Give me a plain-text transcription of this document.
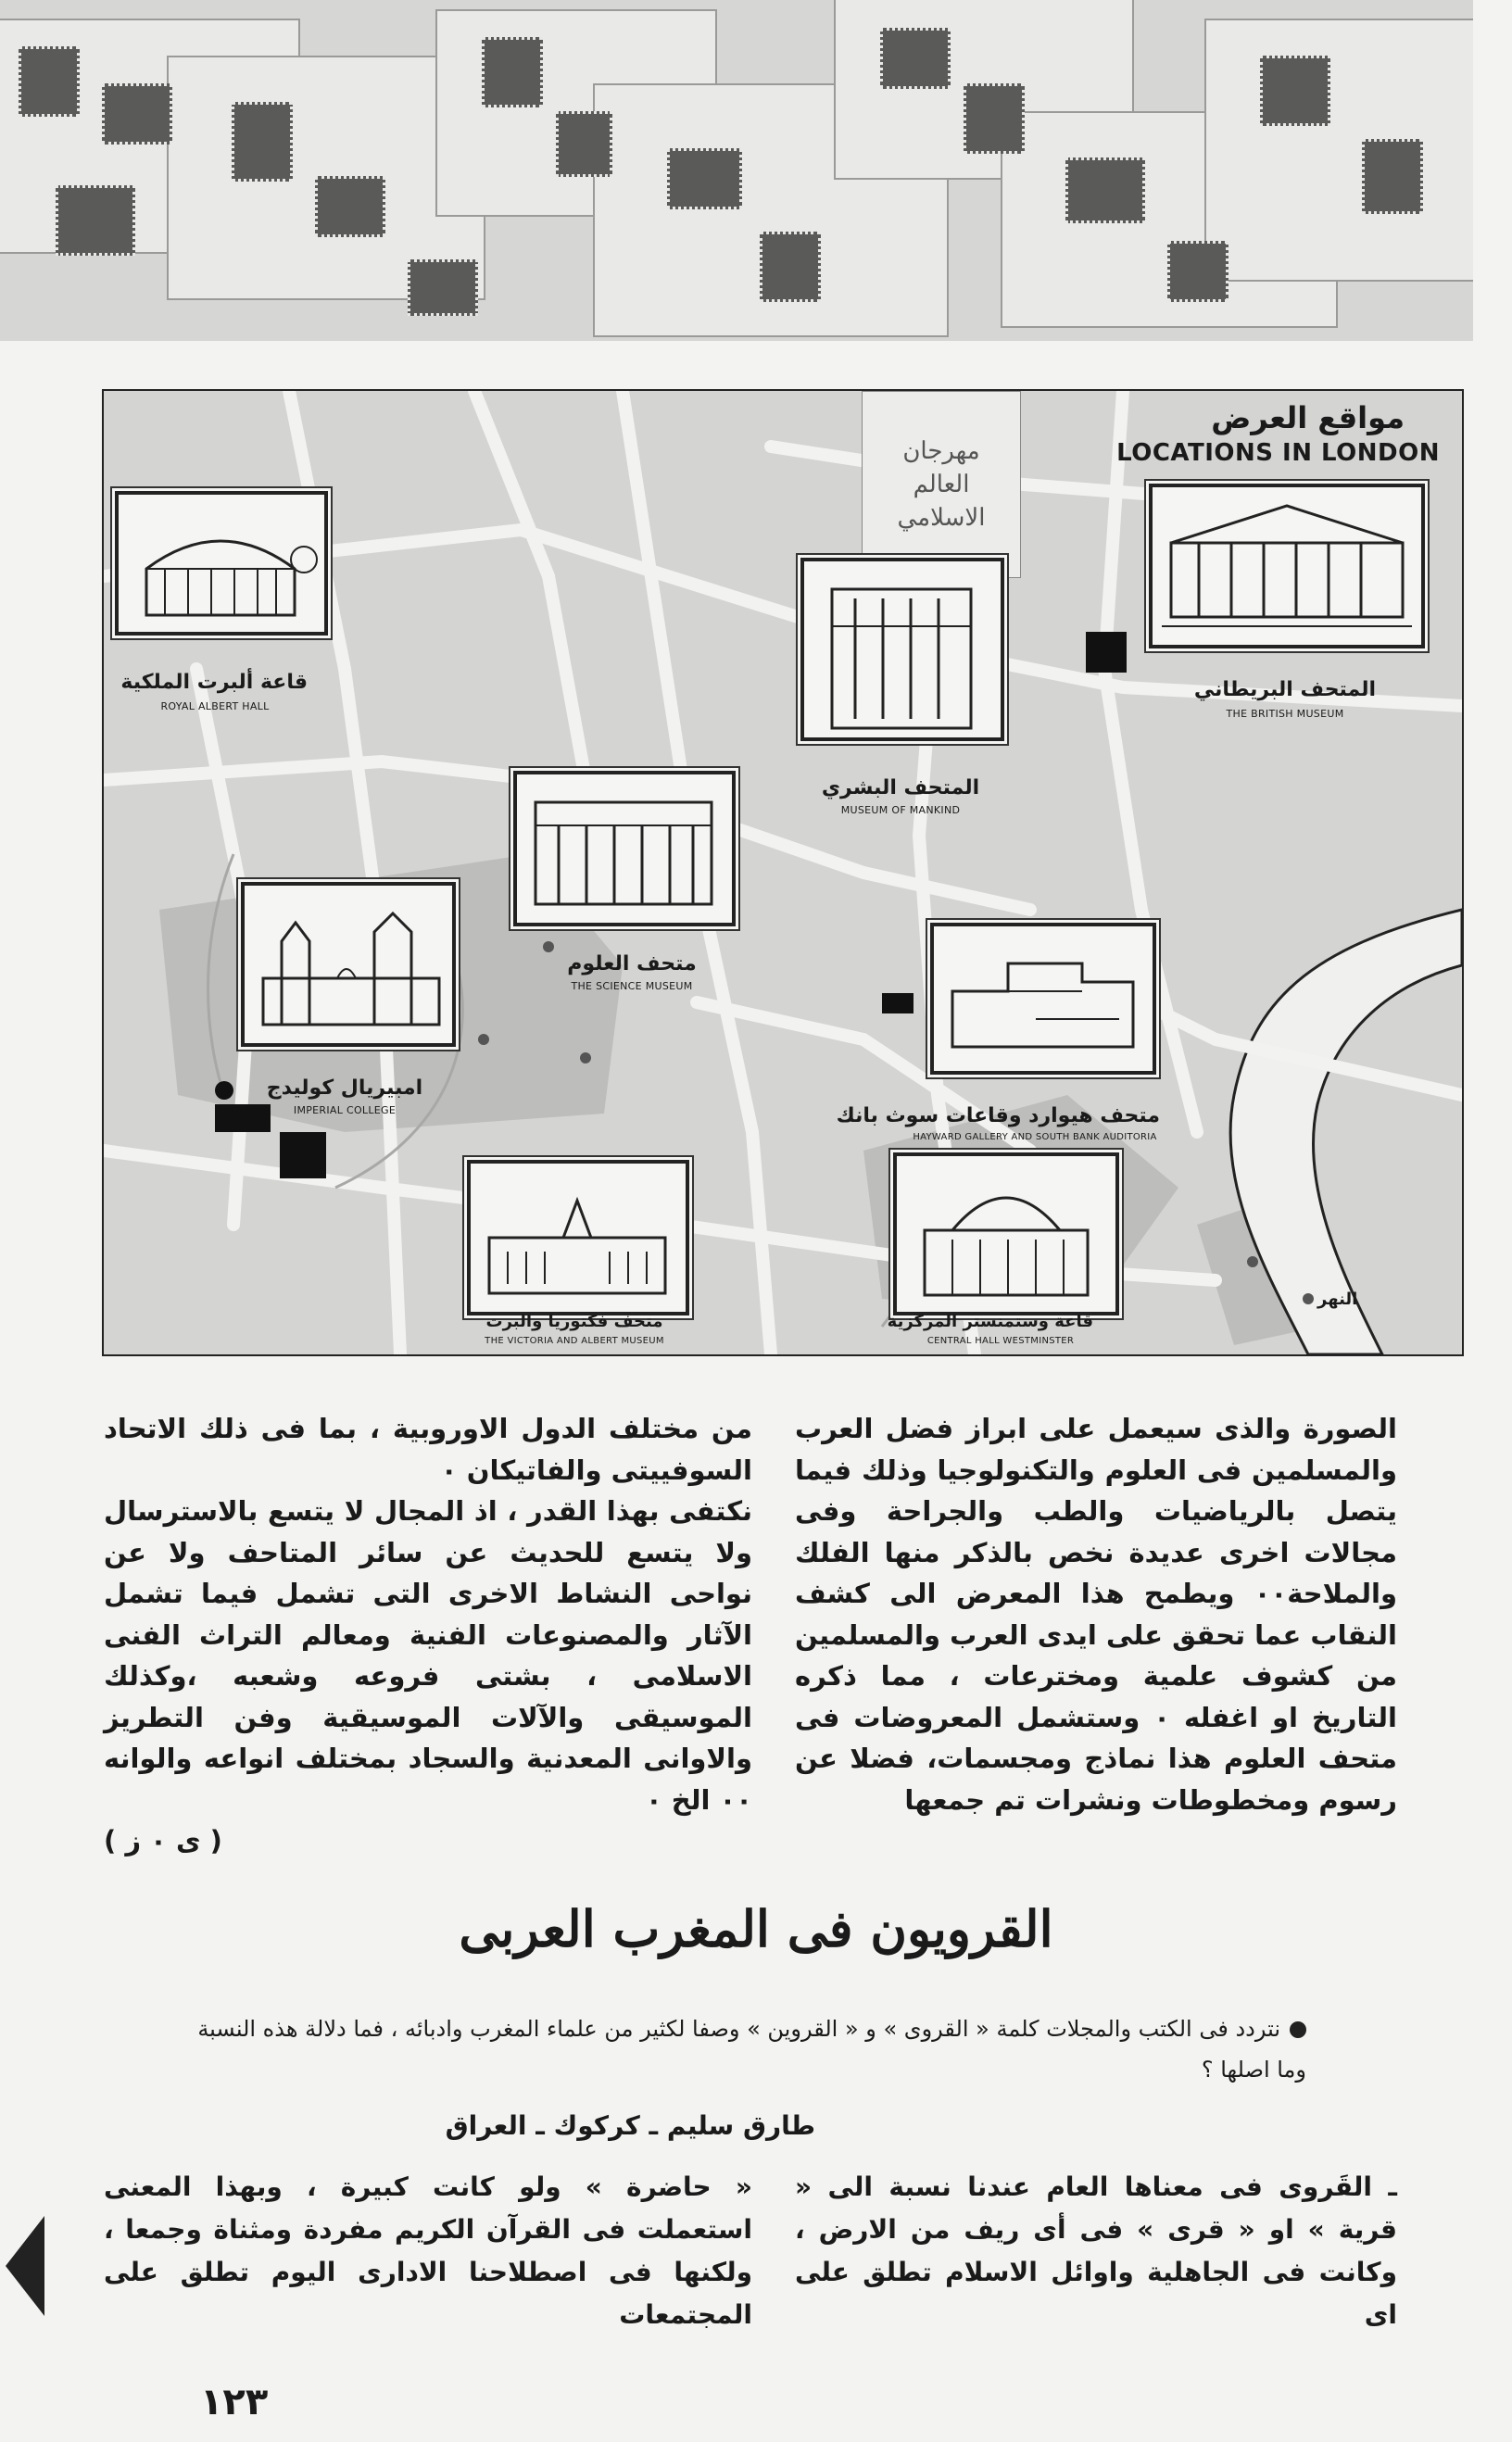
مواقع العرض
LOCATIONS IN LONDON
مهرجان العالم الاسلامي
قاعة ألبرت الملكية
ROYAL ALBERT HALL
المتحف البريطاني
THE BRITISH MUSEUM
المتحف البشري
MUSEUM OF MANKIND
متحف العلوم
THE SCIENCE MUSEUM
امبيريال كوليدج
IMPERIAL COLLEGE	متحف هيوارد وقاعات سوث بانك
HAYWARD GALLERY AND SOUTH BANK AUDITORIA
متحف فكتوريا والبرت
THE VICTORIA AND ALBERT MUSEUM
قاعة وستمنستر المركزية
CENTRAL HALL WESTMINSTER
النهر

الصورة والذى سيعمل على ابراز فضل العرب والمسلمين فى العلوم والتكنولوجيا وذلك فيما يتصل بالرياضيات والطب والجراحة وفى مجالات اخرى عديدة نخص بالذكر منها الفلك والملاحة٠٠ ويطمح هذا المعرض الى كشف النقاب عما تحقق على ايدى العرب والمسلمين من كشوف علمية ومخترعات ، مما ذكره التاريخ او اغفله ٠ وستشمل المعروضات فى متحف العلوم هذا نماذج ومجسمات، فضلا عن رسوم ومخطوطات ونشرات تم جمعها

من مختلف الدول الاوروبية ، بما فى ذلك الاتحاد السوفييتى والفاتيكان ٠

نكتفى بهذا القدر ، اذ المجال لا يتسع بالاسترسال ولا يتسع للحديث عن سائر المتاحف ولا عن نواحى النشاط الاخرى التى تشمل فيما تشمل الآثار والمصنوعات الفنية ومعالم التراث الفنى الاسلامى ، بشتى فروعه وشعبه ،وكذلك الموسيقى والآلات الموسيقية وفن التطريز والاوانى المعدنية والسجاد بمختلف انواعه والوانه ٠٠ الخ ٠

( ى ٠ ز )
القرويون فى المغرب العربى
نتردد فى الكتب والمجلات كلمة « القروى » و « القروين » وصفا لكثير من علماء المغرب وادبائه ، فما دلالة هذه النسبة وما اصلها ؟
طارق سليم ـ كركوك ـ العراق

ـ القَروى فى معناها العام عندنا نسبة الى « قرية » او « قرى » فى أى ريف من الارض ، وكانت فى الجاهلية واوائل الاسلام تطلق على اى

« حاضرة » ولو كانت كبيرة ، وبهذا المعنى استعملت فى القرآن الكريم مفردة ومثناة وجمعا ، ولكنها فى اصطلاحنا الادارى اليوم تطلق على المجتمعات

١٢٣
